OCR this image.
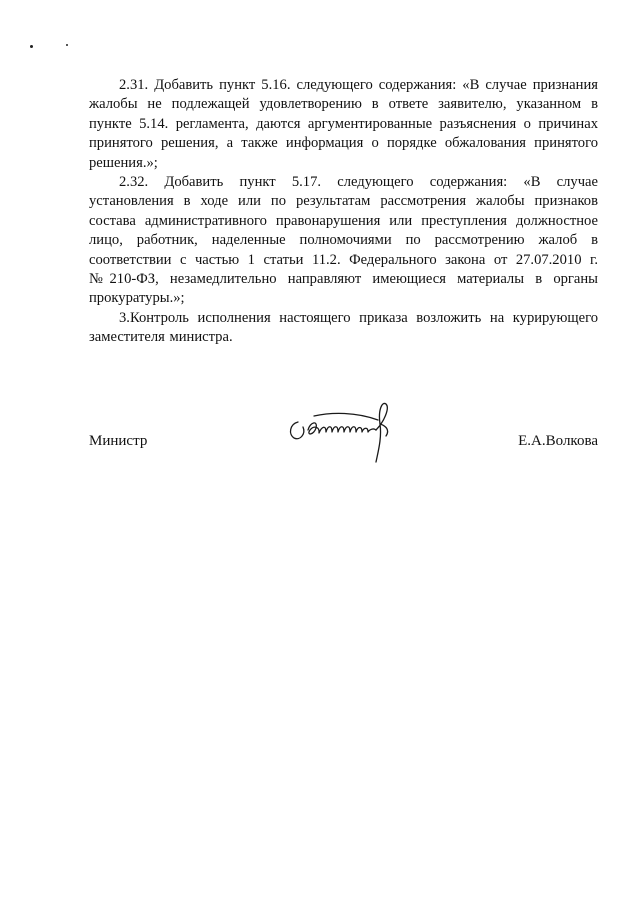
2.31. Добавить пункт 5.16. следующего содержания: «В случае признания жалобы не подлежащей удовлетворению в ответе заявителю, указанном в пункте 5.14. регламента, даются аргументированные разъяснения о причинах принятого решения, а также информация о порядке обжалования принятого решения.»;

2.32. Добавить пункт 5.17. следующего содержания: «В случае установления в ходе или по результатам рассмотрения жалобы признаков состава административного правонарушения или преступления должностное лицо, работник, наделенные полномочиями по рассмотрению жалоб в соответствии с частью 1 статьи 11.2. Федерального закона от 27.07.2010 г. №210-ФЗ, незамедлительно направляют имеющиеся материалы в органы прокуратуры.»;

3.Контроль исполнения настоящего приказа возложить на курирующего заместителя министра.

Министр	Е.А.Волкова
